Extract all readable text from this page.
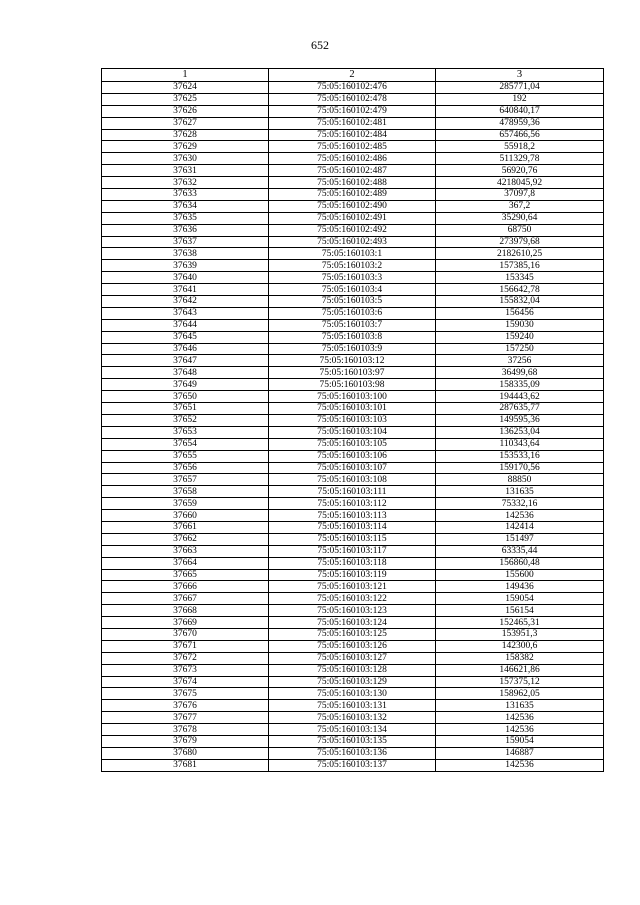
652
1	2	3
37624	75:05:160102:476	285771,04
37625	75:05:160102:478	192
37626	75:05:160102:479	640840,17
37627	75:05:160102:481	478959,36
37628	75:05:160102:484	657466,56
37629	75:05:160102:485	55918,2
37630	75:05:160102:486	511329,78
37631	75:05:160102:487	56920,76
37632	75:05:160102:488	4218045,92
37633	75:05:160102:489	37097,8
37634	75:05:160102:490	367,2
37635	75:05:160102:491	35290,64
37636	75:05:160102:492	68750
37637	75:05:160102:493	273979,68
37638	75:05:160103:1	2182610,25
37639	75:05:160103:2	157385,16
37640	75:05:160103:3	153345
37641	75:05:160103:4	156642,78
37642	75:05:160103:5	155832,04
37643	75:05:160103:6	156456
37644	75:05:160103:7	159030
37645	75:05:160103:8	159240
37646	75:05:160103:9	157250
37647	75:05:160103:12	37256
37648	75:05:160103:97	36499,68
37649	75:05:160103:98	158335,09
37650	75:05:160103:100	194443,62
37651	75:05:160103:101	287635,77
37652	75:05:160103:103	149595,36
37653	75:05:160103:104	136253,04
37654	75:05:160103:105	110343,64
37655	75:05:160103:106	153533,16
37656	75:05:160103:107	159170,56
37657	75:05:160103:108	88850
37658	75:05:160103:111	131635
37659	75:05:160103:112	75332,16
37660	75:05:160103:113	142536
37661	75:05:160103:114	142414
37662	75:05:160103:115	151497
37663	75:05:160103:117	63335,44
37664	75:05:160103:118	156860,48
37665	75:05:160103:119	155600
37666	75:05:160103:121	149436
37667	75:05:160103:122	159054
37668	75:05:160103:123	156154
37669	75:05:160103:124	152465,31
37670	75:05:160103:125	153951,3
37671	75:05:160103:126	142300,6
37672	75:05:160103:127	158382
37673	75:05:160103:128	146621,86
37674	75:05:160103:129	157375,12
37675	75:05:160103:130	158962,05
37676	75:05:160103:131	131635
37677	75:05:160103:132	142536
37678	75:05:160103:134	142536
37679	75:05:160103:135	159054
37680	75:05:160103:136	146887
37681	75:05:160103:137	142536
